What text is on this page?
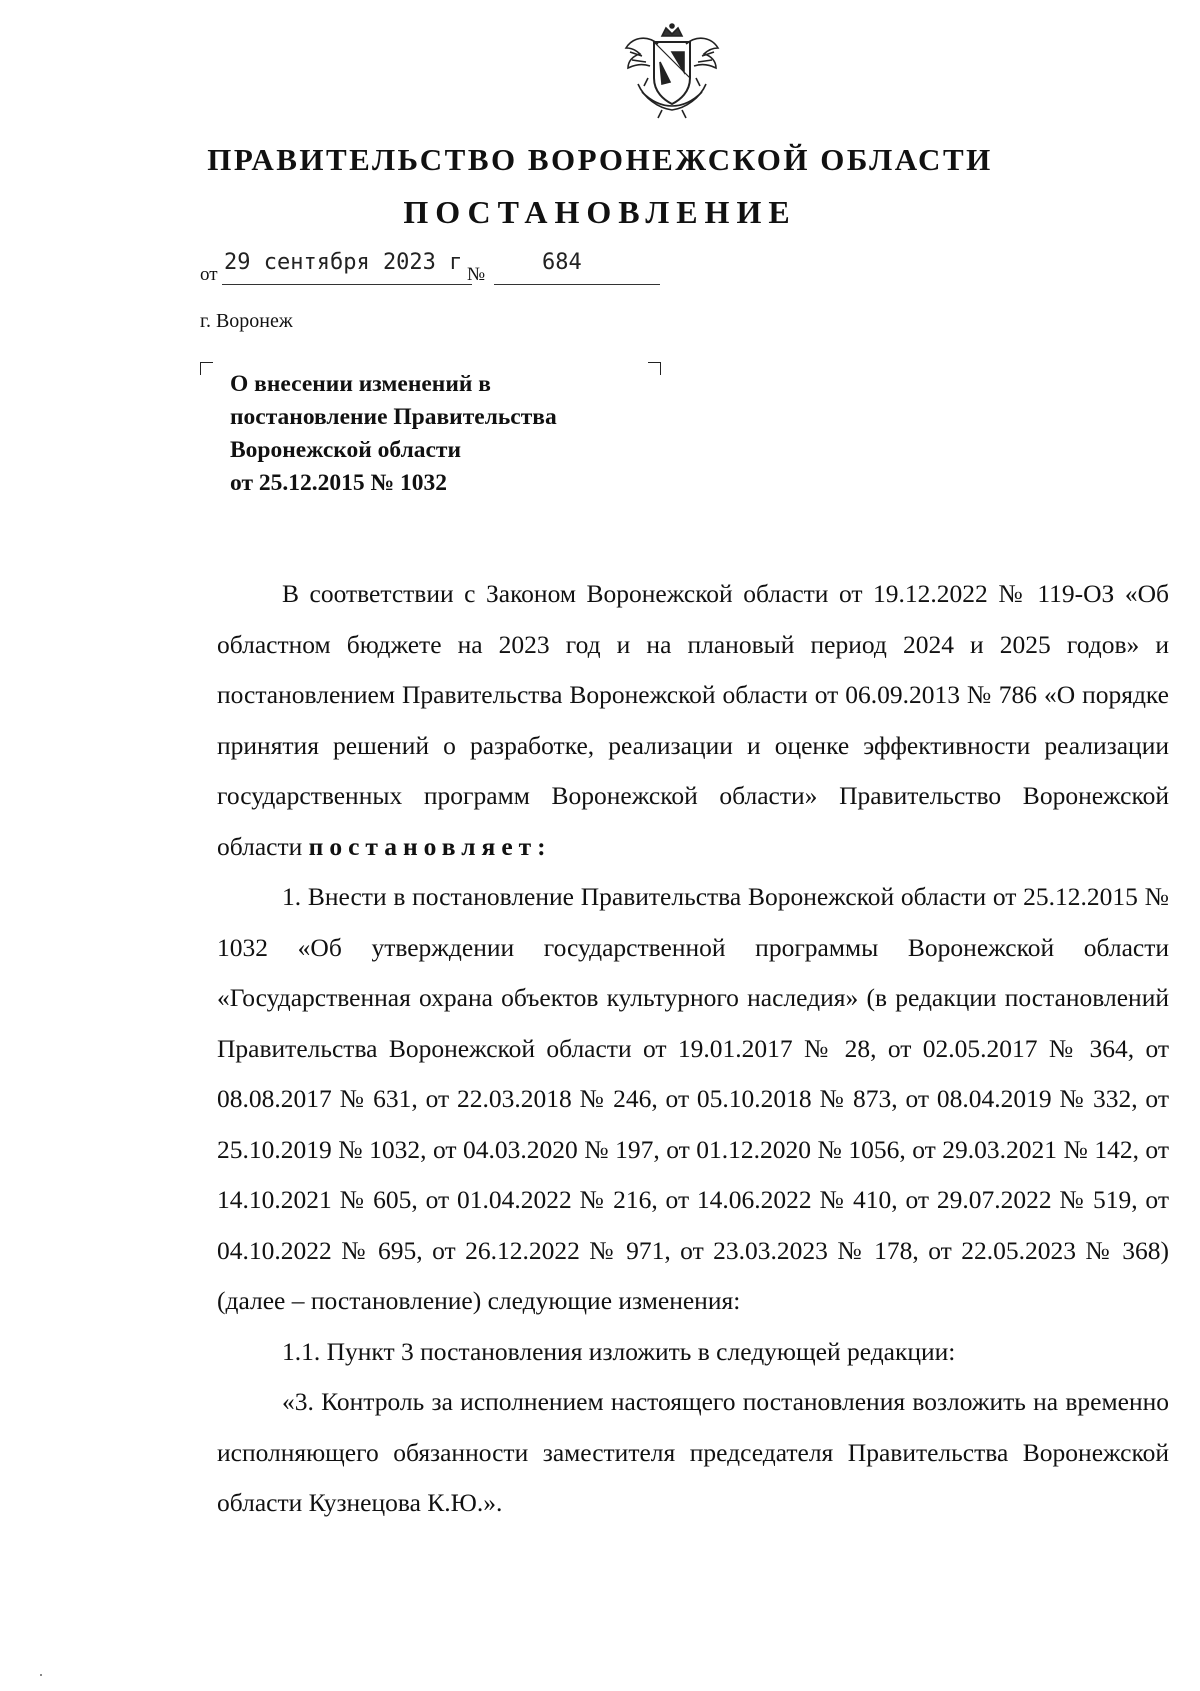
ПРАВИТЕЛЬСТВО ВОРОНЕЖСКОЙ ОБЛАСТИ
ПОСТАНОВЛЕНИЕ
от 29 сентября 2023 г №	684
г. Воронеж
О внесении изменений в
постановление Правительства
Воронежской области
от 25.12.2015 № 1032

В соответствии с Законом Воронежской области от 19.12.2022 № 119-ОЗ «Об областном бюджете на 2023 год и на плановый период 2024 и 2025 годов» и постановлением Правительства Воронежской области от 06.09.2013 № 786 «О порядке принятия решений о разработке, реализации и оценке эффективности реализации государственных программ Воронежской области» Правительство Воронежской области постановляет:

1. Внести в постановление Правительства Воронежской области от 25.12.2015 № 1032 «Об утверждении государственной программы Воронежской области «Государственная охрана объектов культурного наследия» (в редакции постановлений Правительства Воронежской области от 19.01.2017 № 28, от 02.05.2017 № 364, от 08.08.2017 № 631, от 22.03.2018 № 246, от 05.10.2018 № 873, от 08.04.2019 № 332, от 25.10.2019 № 1032, от 04.03.2020 № 197, от 01.12.2020 № 1056, от 29.03.2021 № 142, от 14.10.2021 № 605, от 01.04.2022 № 216, от 14.06.2022 № 410, от 29.07.2022 № 519, от 04.10.2022 № 695, от 26.12.2022 № 971, от 23.03.2023 № 178, от 22.05.2023 № 368) (далее – постановление) следующие изменения:

1.1. Пункт 3 постановления изложить в следующей редакции:

«3. Контроль за исполнением настоящего постановления возложить на временно исполняющего обязанности заместителя председателя Правительства Воронежской области Кузнецова К.Ю.».
